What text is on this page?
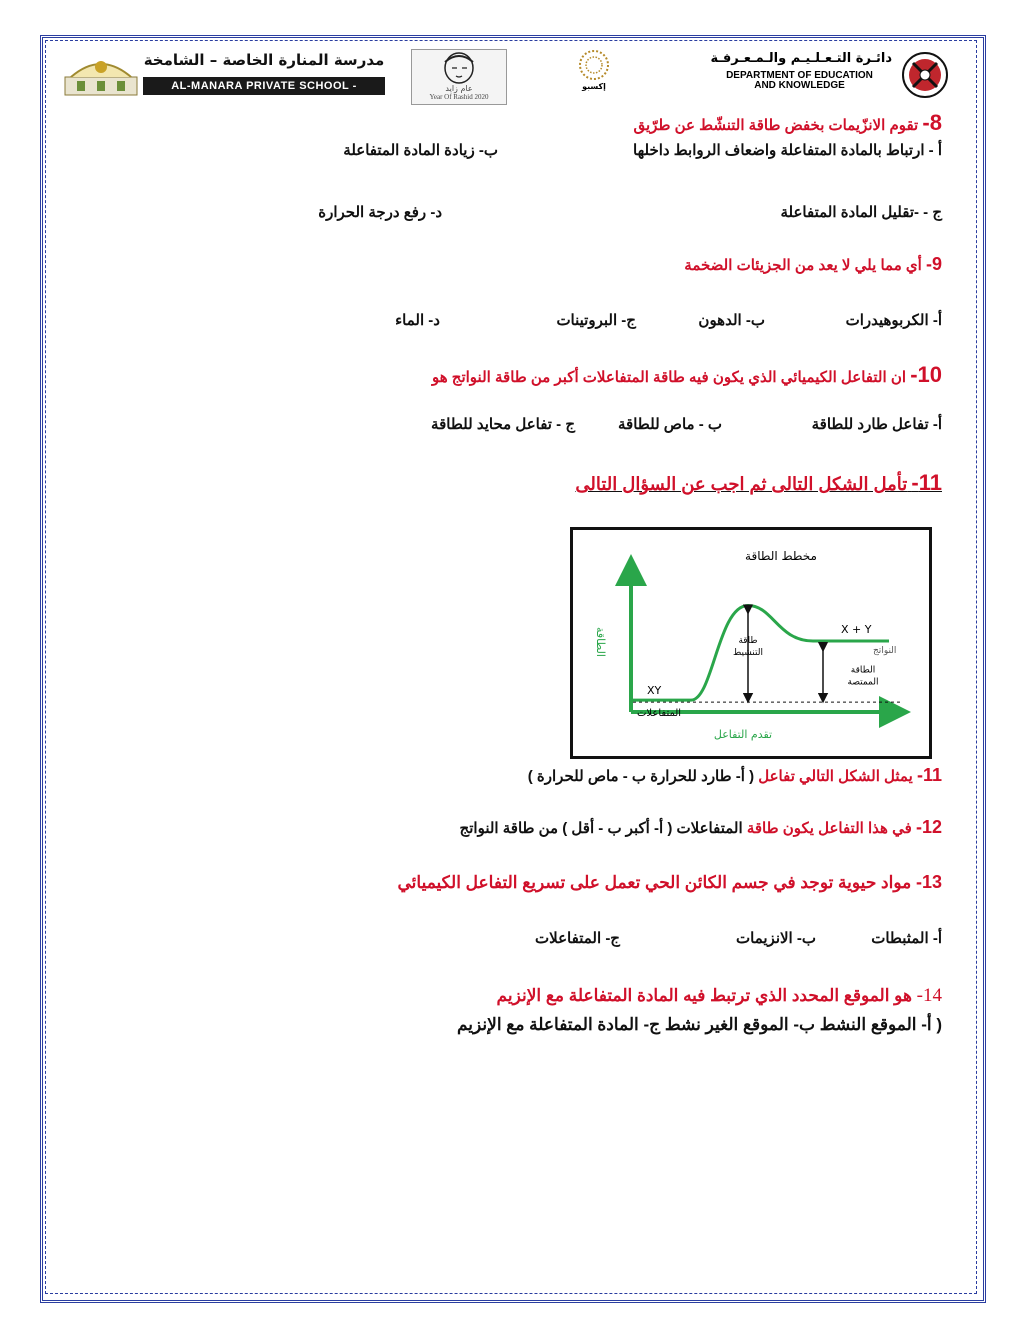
مدرسة المنارة الخاصة – الشامخة
AL-MANARA PRIVATE SCHOOL - SHAMKHA
عام زايد
Year Of Rashid 2020
إكسبو
دائـرة التـعـلـيـم والـمـعـرفـة
DEPARTMENT OF EDUCATION
AND KNOWLEDGE
8- تقوم الانزّيمات بخفض طاقة التنشّط عن طرّيق
أ - ارتباط بالمادة المتفاعلة واضعاف الروابط داخلها
ب- زيادة المادة المتفاعلة
ج - -تقليل المادة المتفاعلة
د- رفع درجة الحرارة
9- أي مما يلي لا يعد من الجزيئات الضخمة
أ- الكربوهيدرات
ب- الدهون
ج- البروتينات
د- الماء
10- ان التفاعل الكيميائي الذي يكون فيه طاقة المتفاعلات أكبر من طاقة النواتج هو
أ- تفاعل طارد للطاقة
ب - ماص للطاقة
ج - تفاعل محايد للطاقة
11- تأمل الشكل التالى ثم اجب عن السؤال التالى
مخطط الطاقة
الطاقة
تقدم التفاعل
XY
المتفاعلات
X + Y
النواتج
طاقة
التنشيط
الطاقة
الممتصة
11- يمثل الشكل التالي تفاعل ( أ- طارد للحرارة ب - ماص للحرارة )
12- في هذا التفاعل يكون طاقة المتفاعلات ( أ- أكبر ب - أقل ) من طاقة النواتج
13- مواد حيوية توجد في جسم الكائن الحي تعمل على تسريع التفاعل الكيميائي
أ- المثبطات
ب- الانزيمات
ج- المتفاعلات
14- هو الموقع المحدد الذي ترتبط فيه المادة المتفاعلة مع الإنزيم
( أ- الموقع النشط ب- الموقع الغير نشط ج- المادة المتفاعلة مع الإنزيم
